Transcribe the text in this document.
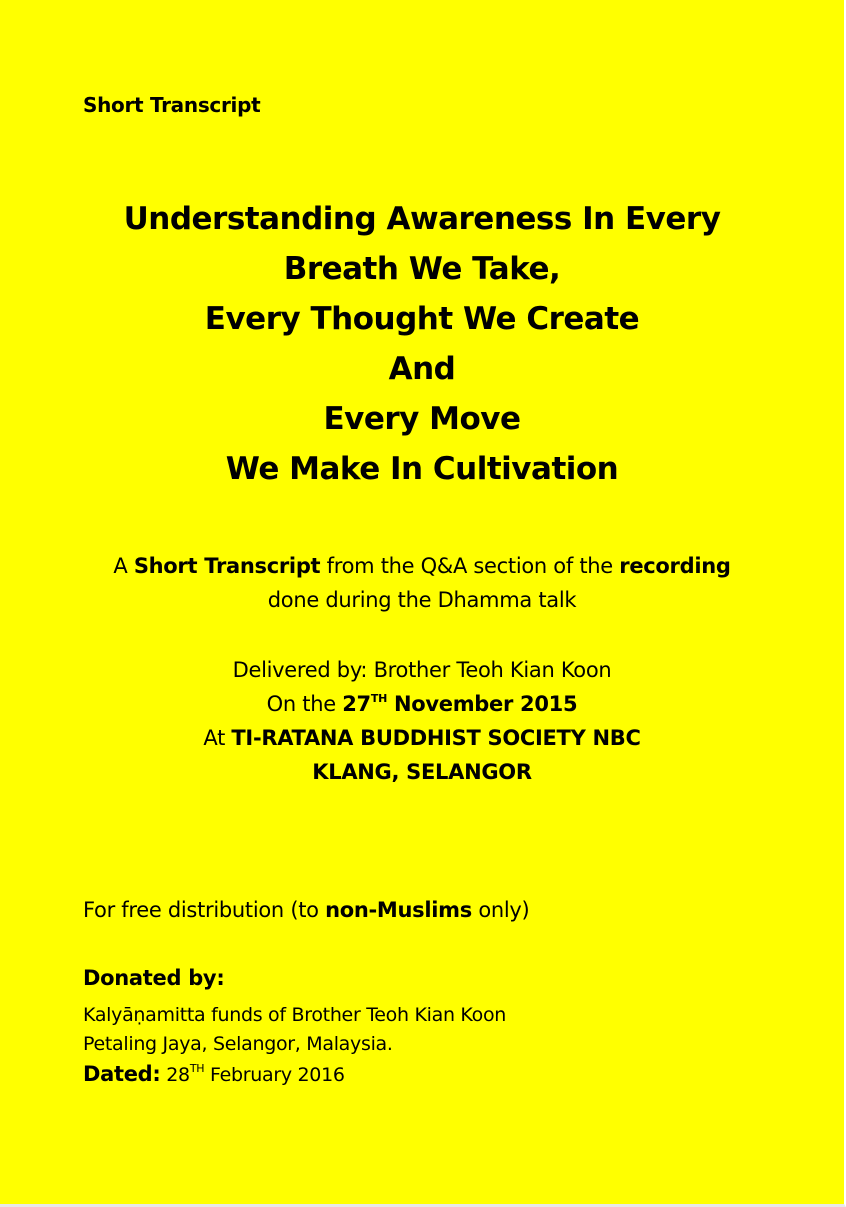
Short Transcript
Understanding Awareness In Every
Breath We Take,
Every Thought We Create
And
Every Move
We Make In Cultivation
A Short Transcript from the Q&A section of the recording
done during the Dhamma talk
Delivered by: Brother Teoh Kian Koon
On the 27TH November 2015
At TI-RATANA BUDDHIST SOCIETY NBC
KLANG, SELANGOR
For free distribution (to non-Muslims only)
Donated by:
Kalyāṇamitta funds of Brother Teoh Kian Koon
Petaling Jaya, Selangor, Malaysia.
Dated: 28TH February 2016
